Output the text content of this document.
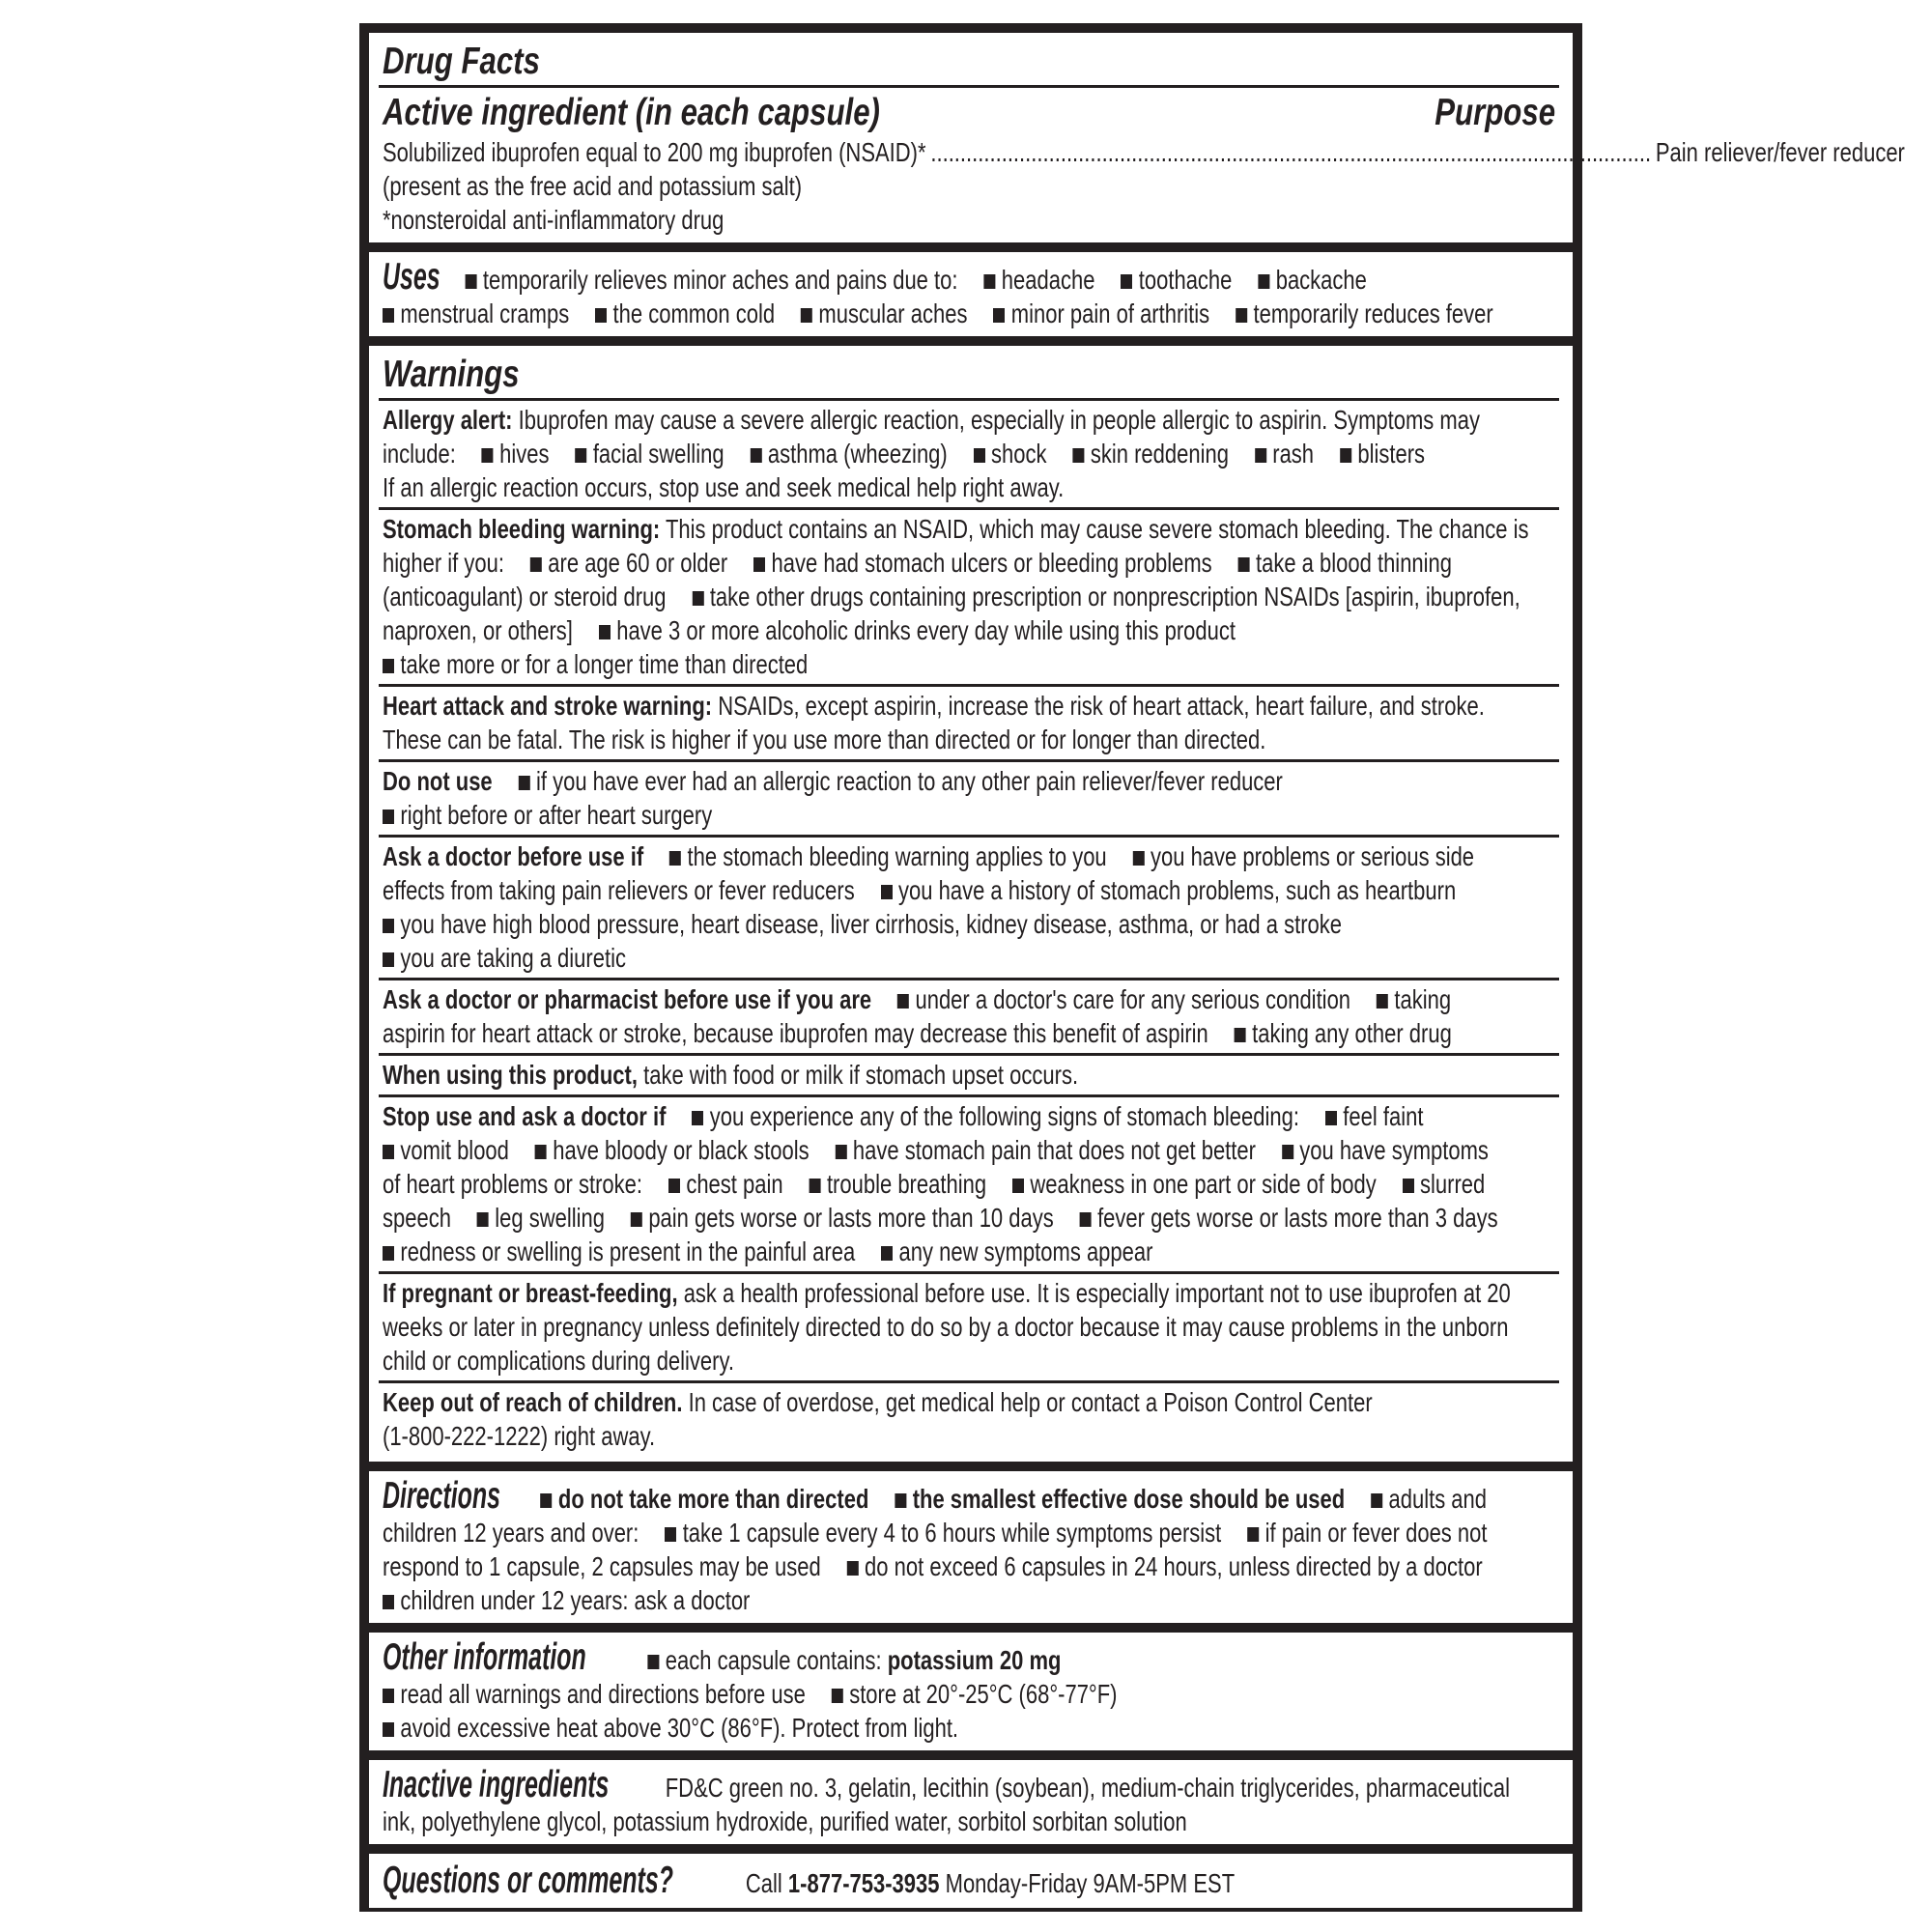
Drug Facts
Active ingredient (in each capsule)	Purpose
Solubilized ibuprofen equal to 200 mg ibuprofen (NSAID)* .......................................................................................................................... Pain reliever/fever reducer
(present as the free acid and potassium salt)
*nonsteroidal anti-inflammatory drug
Uses temporarily relieves minor aches and pains due to: headache toothache backache
menstrual cramps the common cold muscular aches minor pain of arthritis temporarily reduces fever
Warnings
Allergy alert: Ibuprofen may cause a severe allergic reaction, especially in people allergic to aspirin. Symptoms may
include: hives facial swelling asthma (wheezing) shock skin reddening rash blisters
If an allergic reaction occurs, stop use and seek medical help right away.
Stomach bleeding warning: This product contains an NSAID, which may cause severe stomach bleeding. The chance is
higher if you: are age 60 or older have had stomach ulcers or bleeding problems take a blood thinning
(anticoagulant) or steroid drug take other drugs containing prescription or nonprescription NSAIDs [aspirin, ibuprofen,
naproxen, or others] have 3 or more alcoholic drinks every day while using this product
take more or for a longer time than directed
Heart attack and stroke warning: NSAIDs, except aspirin, increase the risk of heart attack, heart failure, and stroke.
These can be fatal. The risk is higher if you use more than directed or for longer than directed.
Do not use if you have ever had an allergic reaction to any other pain reliever/fever reducer
right before or after heart surgery
Ask a doctor before use if the stomach bleeding warning applies to you you have problems or serious side
effects from taking pain relievers or fever reducers you have a history of stomach problems, such as heartburn
you have high blood pressure, heart disease, liver cirrhosis, kidney disease, asthma, or had a stroke
you are taking a diuretic
Ask a doctor or pharmacist before use if you are under a doctor's care for any serious condition taking
aspirin for heart attack or stroke, because ibuprofen may decrease this benefit of aspirin taking any other drug
When using this product, take with food or milk if stomach upset occurs.
Stop use and ask a doctor if you experience any of the following signs of stomach bleeding: feel faint
vomit blood have bloody or black stools have stomach pain that does not get better you have symptoms
of heart problems or stroke: chest pain trouble breathing weakness in one part or side of body slurred
speech leg swelling pain gets worse or lasts more than 10 days fever gets worse or lasts more than 3 days
redness or swelling is present in the painful area any new symptoms appear
If pregnant or breast-feeding, ask a health professional before use. It is especially important not to use ibuprofen at 20
weeks or later in pregnancy unless definitely directed to do so by a doctor because it may cause problems in the unborn
child or complications during delivery.
Keep out of reach of children. In case of overdose, get medical help or contact a Poison Control Center
(1-800-222-1222) right away.
Directions do not take more than directed the smallest effective dose should be used adults and
children 12 years and over: take 1 capsule every 4 to 6 hours while symptoms persist if pain or fever does not
respond to 1 capsule, 2 capsules may be used do not exceed 6 capsules in 24 hours, unless directed by a doctor
children under 12 years: ask a doctor
Other information	each capsule contains: potassium 20 mg
read all warnings and directions before use store at 20°-25°C (68°-77°F)
avoid excessive heat above 30°C (86°F). Protect from light.
Inactive ingredients FD&C green no. 3, gelatin, lecithin (soybean), medium-chain triglycerides, pharmaceutical
ink, polyethylene glycol, potassium hydroxide, purified water, sorbitol sorbitan solution
Questions or comments?	Call 1-877-753-3935 Monday-Friday 9AM-5PM EST
